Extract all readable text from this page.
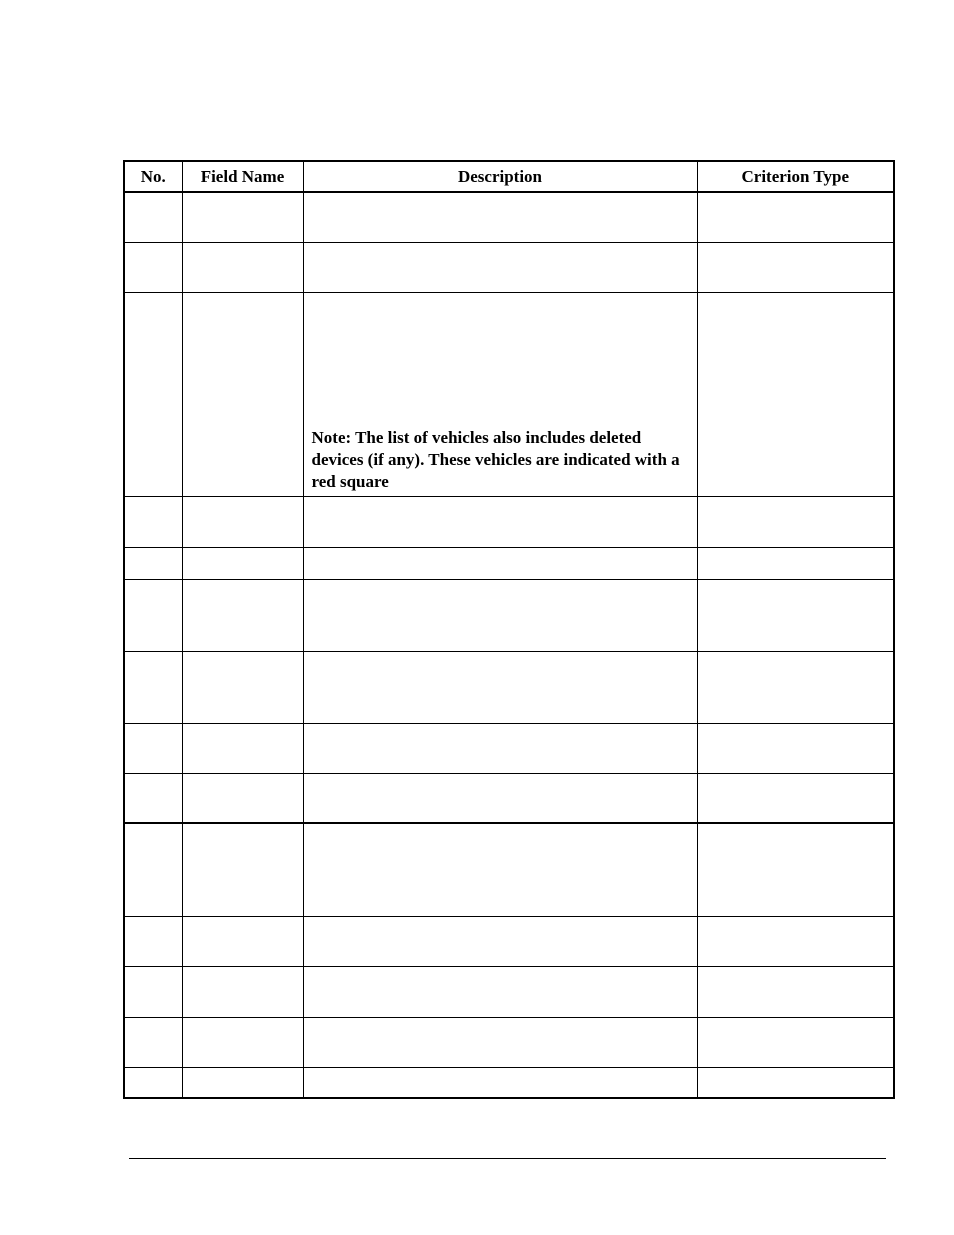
No.	Field Name	Description	Criterion Type

		Note: The list of vehicles also includes deleted devices (if any). These vehicles are indicated with a red square	
